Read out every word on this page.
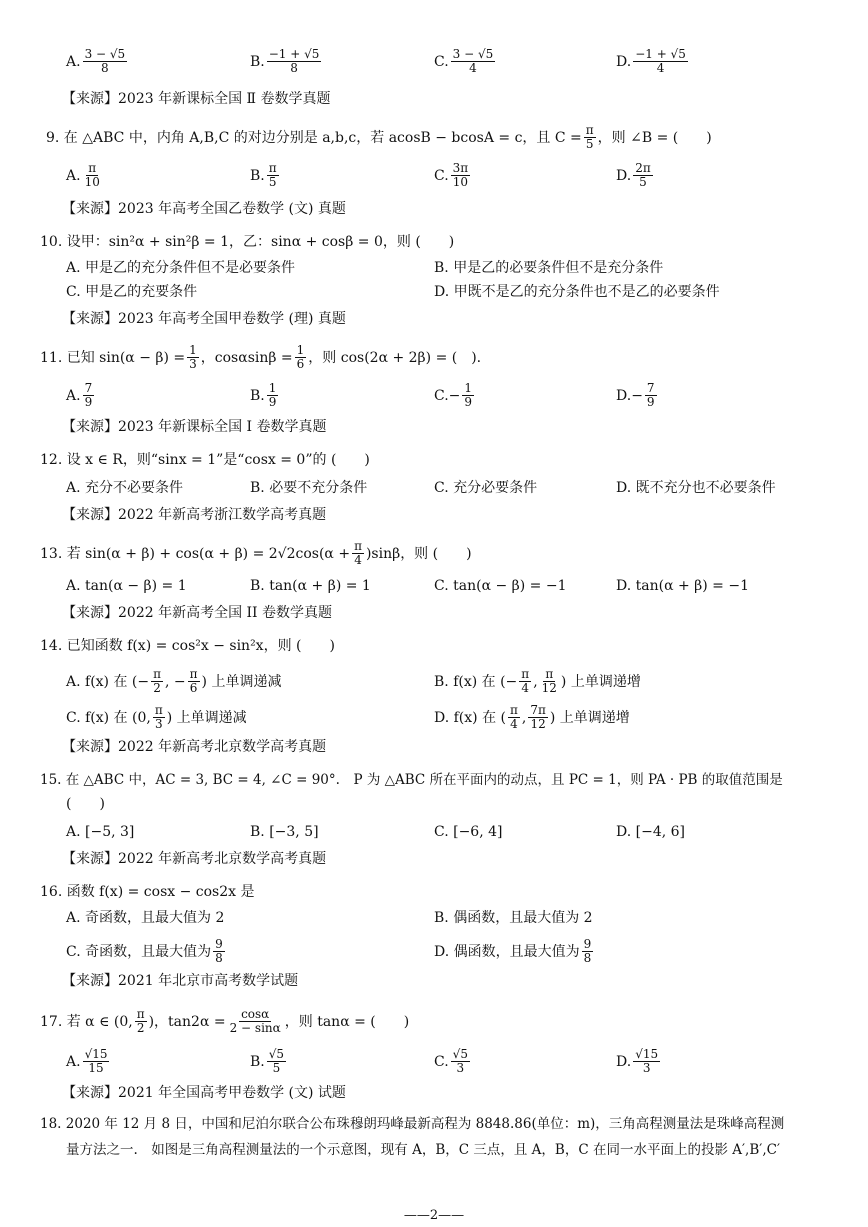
A. $\frac{3 - √5}{8}$	B. $\frac{-1 + √5}{8}$	C. $\frac{3 - √5}{4}$	D. $\frac{-1 + √5}{4}$
【来源】2023 年新课标全国 Ⅱ 卷数学真题
9. 在 △ABC 中，内角 A,B,C 的对边分别是 a,b,c，若 acosB − bcosA = c，且 $C = \frac{\pi}{5}$ ，则 ∠B = (　　)
A. $\frac{\pi}{10}$	B. $\frac{\pi}{5}$	C. $\frac{3\pi}{10}$	D. $\frac{2\pi}{5}$
【来源】2023 年高考全国乙卷数学 (文) 真题
10. 设甲：sin²α + sin²β = 1，乙：sinα + cosβ = 0，则 (　　)
A. 甲是乙的充分条件但不是必要条件	B. 甲是乙的必要条件但不是充分条件
C. 甲是乙的充要条件	D. 甲既不是乙的充分条件也不是乙的必要条件
【来源】2023 年高考全国甲卷数学 (理) 真题
11. 已知 $\sin(\alpha - \beta) = \frac{1}{3}$ ，$\cos\alpha\sin\beta = \frac{1}{6}$ ，则 cos(2α + 2β) = (　).
A. $\frac{7}{9}$	B. $\frac{1}{9}$	C. − $\frac{1}{9}$	D. − $\frac{7}{9}$
【来源】2023 年新课标全国 Ⅰ 卷数学真题
12. 设 x ∈ R，则“sinx = 1”是“cosx = 0”的 (　　)
A. 充分不必要条件	B. 必要不充分条件	C. 充分必要条件	D. 既不充分也不必要条件
【来源】2022 年新高考浙江数学高考真题
13. 若 $\sin(\alpha + \beta) + \cos(\alpha + \beta) = 2√2\cos(\alpha + \frac{\pi}{4} )\sin\beta$，则 (　　)
A. tan(α − β) = 1	B. tan(α + β) = 1	C. tan(α − β) = −1	D. tan(α + β) = −1
【来源】2022 年新高考全国 II 卷数学真题
14. 已知函数 f(x) = cos²x − sin²x，则 (　　)
A. f(x) 在 (− $\frac{\pi}{2}$ , − $\frac{\pi}{6}$ ) 上单调递减	B. f(x) 在 (− $\frac{\pi}{4}$ , $\frac{\pi}{12}$ ) 上单调递增
C. f(x) 在 (0, $\frac{\pi}{3}$ ) 上单调递减	D. f(x) 在 ( $\frac{\pi}{4}$ , $\frac{7\pi}{12}$ ) 上单调递增
【来源】2022 年新高考北京数学高考真题
15. 在 △ABC 中，AC = 3, BC = 4, ∠C = 90°.　P 为 △ABC 所在平面内的动点，且 PC = 1，则 PA · PB 的取值范围是
(　　)
A. [−5, 3]	B. [−3, 5]	C. [−6, 4]	D. [−4, 6]
【来源】2022 年新高考北京数学高考真题
16. 函数 f(x) = cosx − cos2x 是
A. 奇函数，且最大值为 2	B. 偶函数，且最大值为 2
C. 奇函数，且最大值为 $\frac{9}{8}$	D. 偶函数，且最大值为 $\frac{9}{8}$
【来源】2021 年北京市高考数学试题
17. 若 α ∈ (0, $\frac{\pi}{2}$ )，$\tan 2\alpha = \frac{\cos\alpha}{2 - \sin\alpha}$ ，则 tanα = (　　)
A. $\frac{√15}{15}$	B. $\frac{√5}{5}$	C. $\frac{√5}{3}$	D. $\frac{√15}{3}$
【来源】2021 年全国高考甲卷数学 (文) 试题
18. 2020 年 12 月 8 日，中国和尼泊尔联合公布珠穆朗玛峰最新高程为 8848.86(单位：m)，三角高程测量法是珠峰高程测
量方法之一.　如图是三角高程测量法的一个示意图，现有 A，B，C 三点，且 A，B，C 在同一水平面上的投影 A′,B′,C′
——2——
